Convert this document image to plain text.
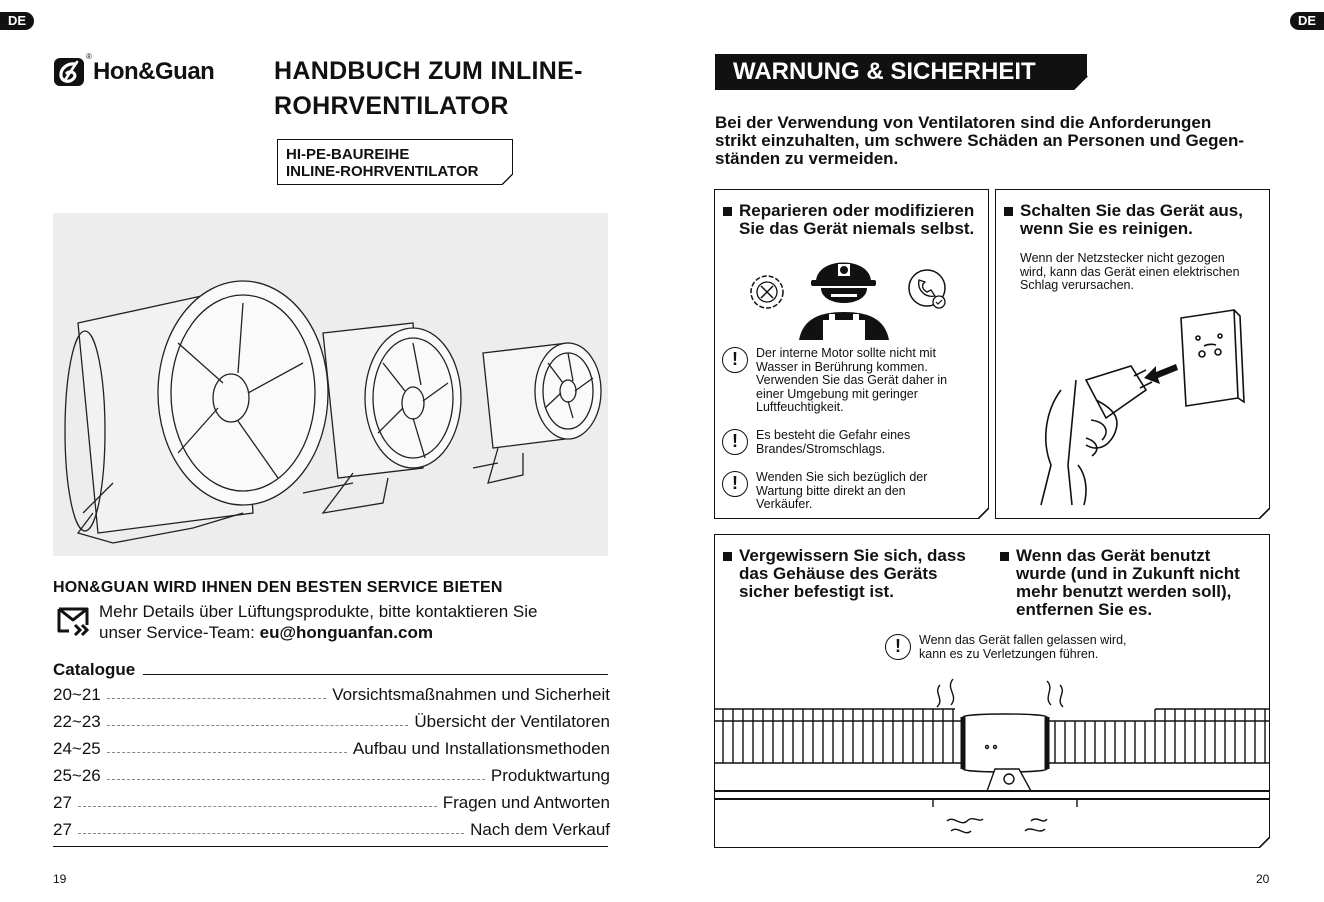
DE	DE
®
Hon&Guan HANDBUCH ZUM INLINE-
ROHRVENTILATOR
HI-PE-BAUREIHE
INLINE-ROHRVENTILATOR
HON&GUAN WIRD IHNEN DEN BESTEN SERVICE BIETEN
Mehr Details über Lüftungsprodukte, bitte kontaktieren Sie
unser Service-Team: eu@honguanfan.com
Catalogue
20~21	Vorsichtsmaßnahmen und Sicherheit
22~23	Übersicht der Ventilatoren
24~25	Aufbau und Installationsmethoden
25~26	Produktwartung
27	Fragen und Antworten
27	Nach dem Verkauf
19
WARNUNG & SICHERHEIT
Bei der Verwendung von Ventilatoren sind die Anforderungen
strikt einzuhalten, um schwere Schäden an Personen und Gegen-
ständen zu vermeiden.
Reparieren oder modifizieren
Sie das Gerät niemals selbst.
!	Der interne Motor sollte nicht mit
Wasser in Berührung kommen.
Verwenden Sie das Gerät daher in
einer Umgebung mit geringer
Luftfeuchtigkeit.
!	Es besteht die Gefahr eines
Brandes/Stromschlags.
!	Wenden Sie sich bezüglich der
Wartung bitte direkt an den
Verkäufer.
Schalten Sie das Gerät aus,
wenn Sie es reinigen.
Wenn der Netzstecker nicht gezogen
wird, kann das Gerät einen elektrischen
Schlag verursachen.
Vergewissern Sie sich, dass
das Gehäuse des Geräts
sicher befestigt ist.
Wenn das Gerät benutzt
wurde (und in Zukunft nicht
mehr benutzt werden soll),
entfernen Sie es.
!	Wenn das Gerät fallen gelassen wird,
kann es zu Verletzungen führen.
20
